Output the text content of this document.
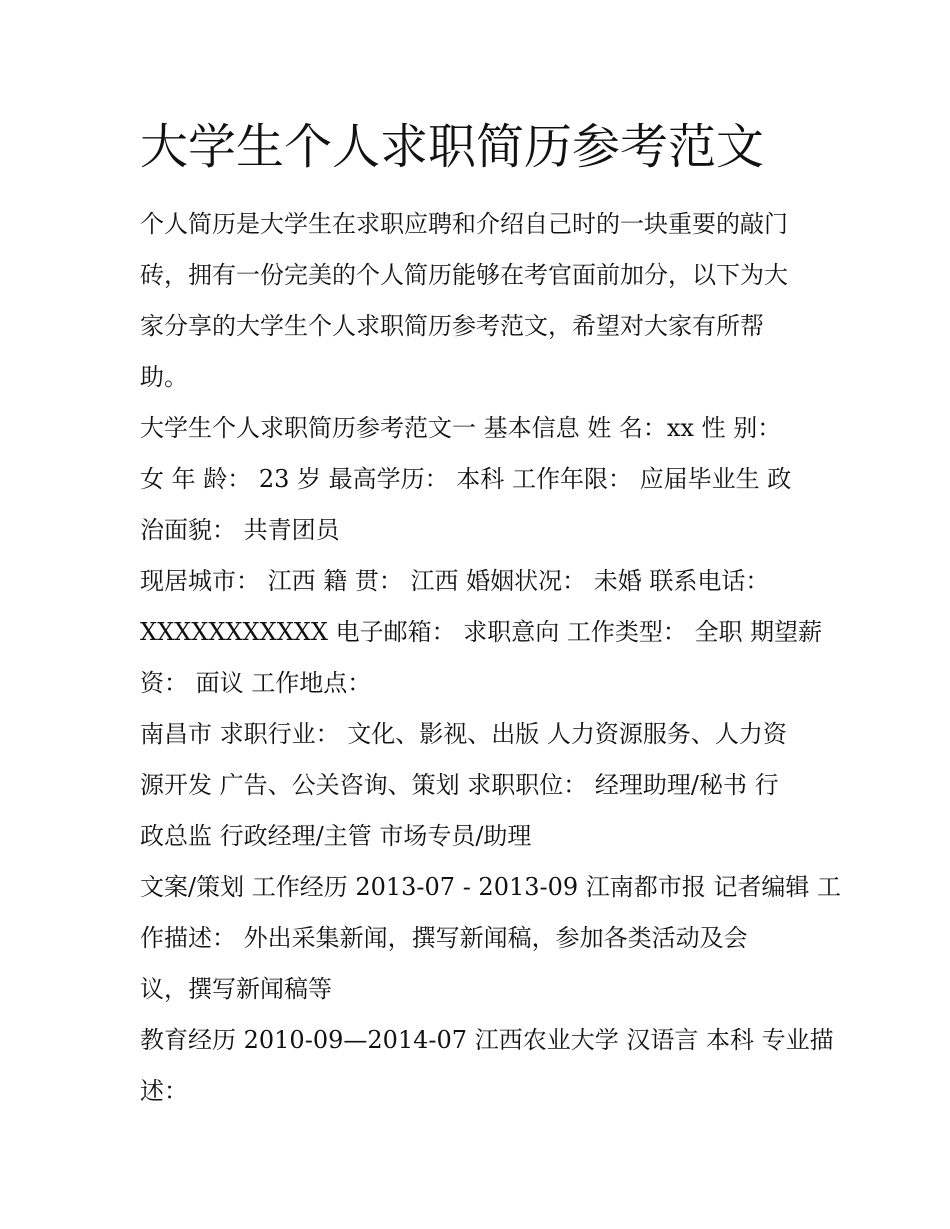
大学生个人求职简历参考范文

个人简历是大学生在求职应聘和介绍自己时的一块重要的敲门
砖，拥有一份完美的个人简历能够在考官面前加分，以下为大
家分享的大学生个人求职简历参考范文，希望对大家有所帮
助。

大学生个人求职简历参考范文一 基本信息 姓 名：xx 性 别：
女 年 龄： 23 岁 最高学历： 本科 工作年限： 应届毕业生 政
治面貌： 共青团员

现居城市： 江西 籍 贯： 江西 婚姻状况： 未婚 联系电话：
XXXXXXXXXXX 电子邮箱： 求职意向 工作类型： 全职 期望薪
资： 面议 工作地点：

南昌市 求职行业： 文化、影视、出版 人力资源服务、人力资
源开发 广告、公关咨询、策划 求职职位： 经理助理/秘书 行
政总监 行政经理/主管 市场专员/助理

文案/策划 工作经历 2013-07 - 2013-09 江南都市报 记者编辑 工
作描述： 外出采集新闻，撰写新闻稿，参加各类活动及会
议，撰写新闻稿等

教育经历 2010-09—2014-07 江西农业大学 汉语言 本科 专业描
述：
